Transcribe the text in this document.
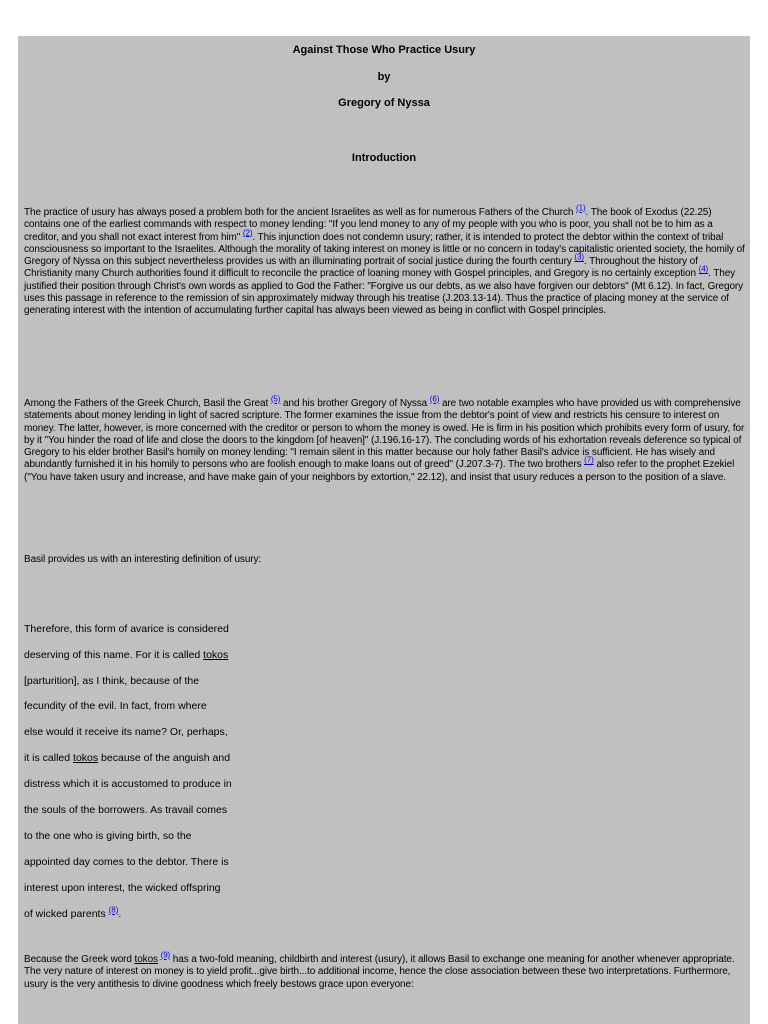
Against Those Who Practice Usury
by
Gregory of Nyssa
Introduction
The practice of usury has always posed a problem both for the ancient Israelites as well as for numerous Fathers of the Church $^{(1)}$. The book of Exodus (22.25) contains one of the earliest commands with respect to money lending: "If you lend money to any of my people with you who is poor, you shall not be to him as a creditor, and you shall not exact interest from him" $^{(2)}$. This injunction does not condemn usury; rather, it is intended to protect the debtor within the context of tribal consciousness so important to the Israelites. Although the morality of taking interest on money is little or no concern in today's capitalistic oriented society, the homily of Gregory of Nyssa on this subject nevertheless provides us with an illuminating portrait of social justice during the fourth century $^{(3)}$. Throughout the history of Christianity many Church authorities found it difficult to reconcile the practice of loaning money with Gospel principles, and Gregory is no certainly exception $^{(4)}$. They justified their position through Christ's own words as applied to God the Father: "Forgive us our debts, as we also have forgiven our debtors" (Mt 6.12). In fact, Gregory uses this passage in reference to the remission of sin approximately midway through his treatise (J.203.13-14). Thus the practice of placing money at the service of generating interest with the intention of accumulating further capital has always been viewed as being in conflict with Gospel principles.
Among the Fathers of the Greek Church, Basil the Great $^{(5)}$ and his brother Gregory of Nyssa $^{(6)}$ are two notable examples who have provided us with comprehensive statements about money lending in light of sacred scripture. The former examines the issue from the debtor's point of view and restricts his censure to interest on money. The latter, however, is more concerned with the creditor or person to whom the money is owed. He is firm in his position which prohibits every form of usury, for by it "You hinder the road of life and close the doors to the kingdom [of heaven]" (J.196.16-17). The concluding words of his exhortation reveals deference so typical of Gregory to his elder brother Basil's homily on money lending: "I remain silent in this matter because our holy father Basil's advice is sufficient. He has wisely and abundantly furnished it in his homily to persons who are foolish enough to make loans out of greed" (J.207.3-7). The two brothers $^{(7)}$ also refer to the prophet Ezekiel ("You have taken usury and increase, and have make gain of your neighbors by extortion," 22.12), and insist that usury reduces a person to the position of a slave.
Basil provides us with an interesting definition of usury:
Therefore, this form of avarice is considered
deserving of this name. For it is called tokos
[parturition], as I think, because of the
fecundity of the evil. In fact, from where
else would it receive its name? Or, perhaps,
it is called tokos because of the anguish and
distress which it is accustomed to produce in
the souls of the borrowers. As travail comes
to the one who is giving birth, so the
appointed day comes to the debtor. There is
interest upon interest, the wicked offspring
of wicked parents $^{(8)}$.
Because the Greek word tokos $^{(9)}$ has a two-fold meaning, childbirth and interest (usury), it allows Basil to exchange one meaning for another whenever appropriate. The very nature of interest on money is to yield profit...give birth...to additional income, hence the close association between these two interpretations. Furthermore, usury is the very antithesis to divine goodness which freely bestows grace upon everyone:
